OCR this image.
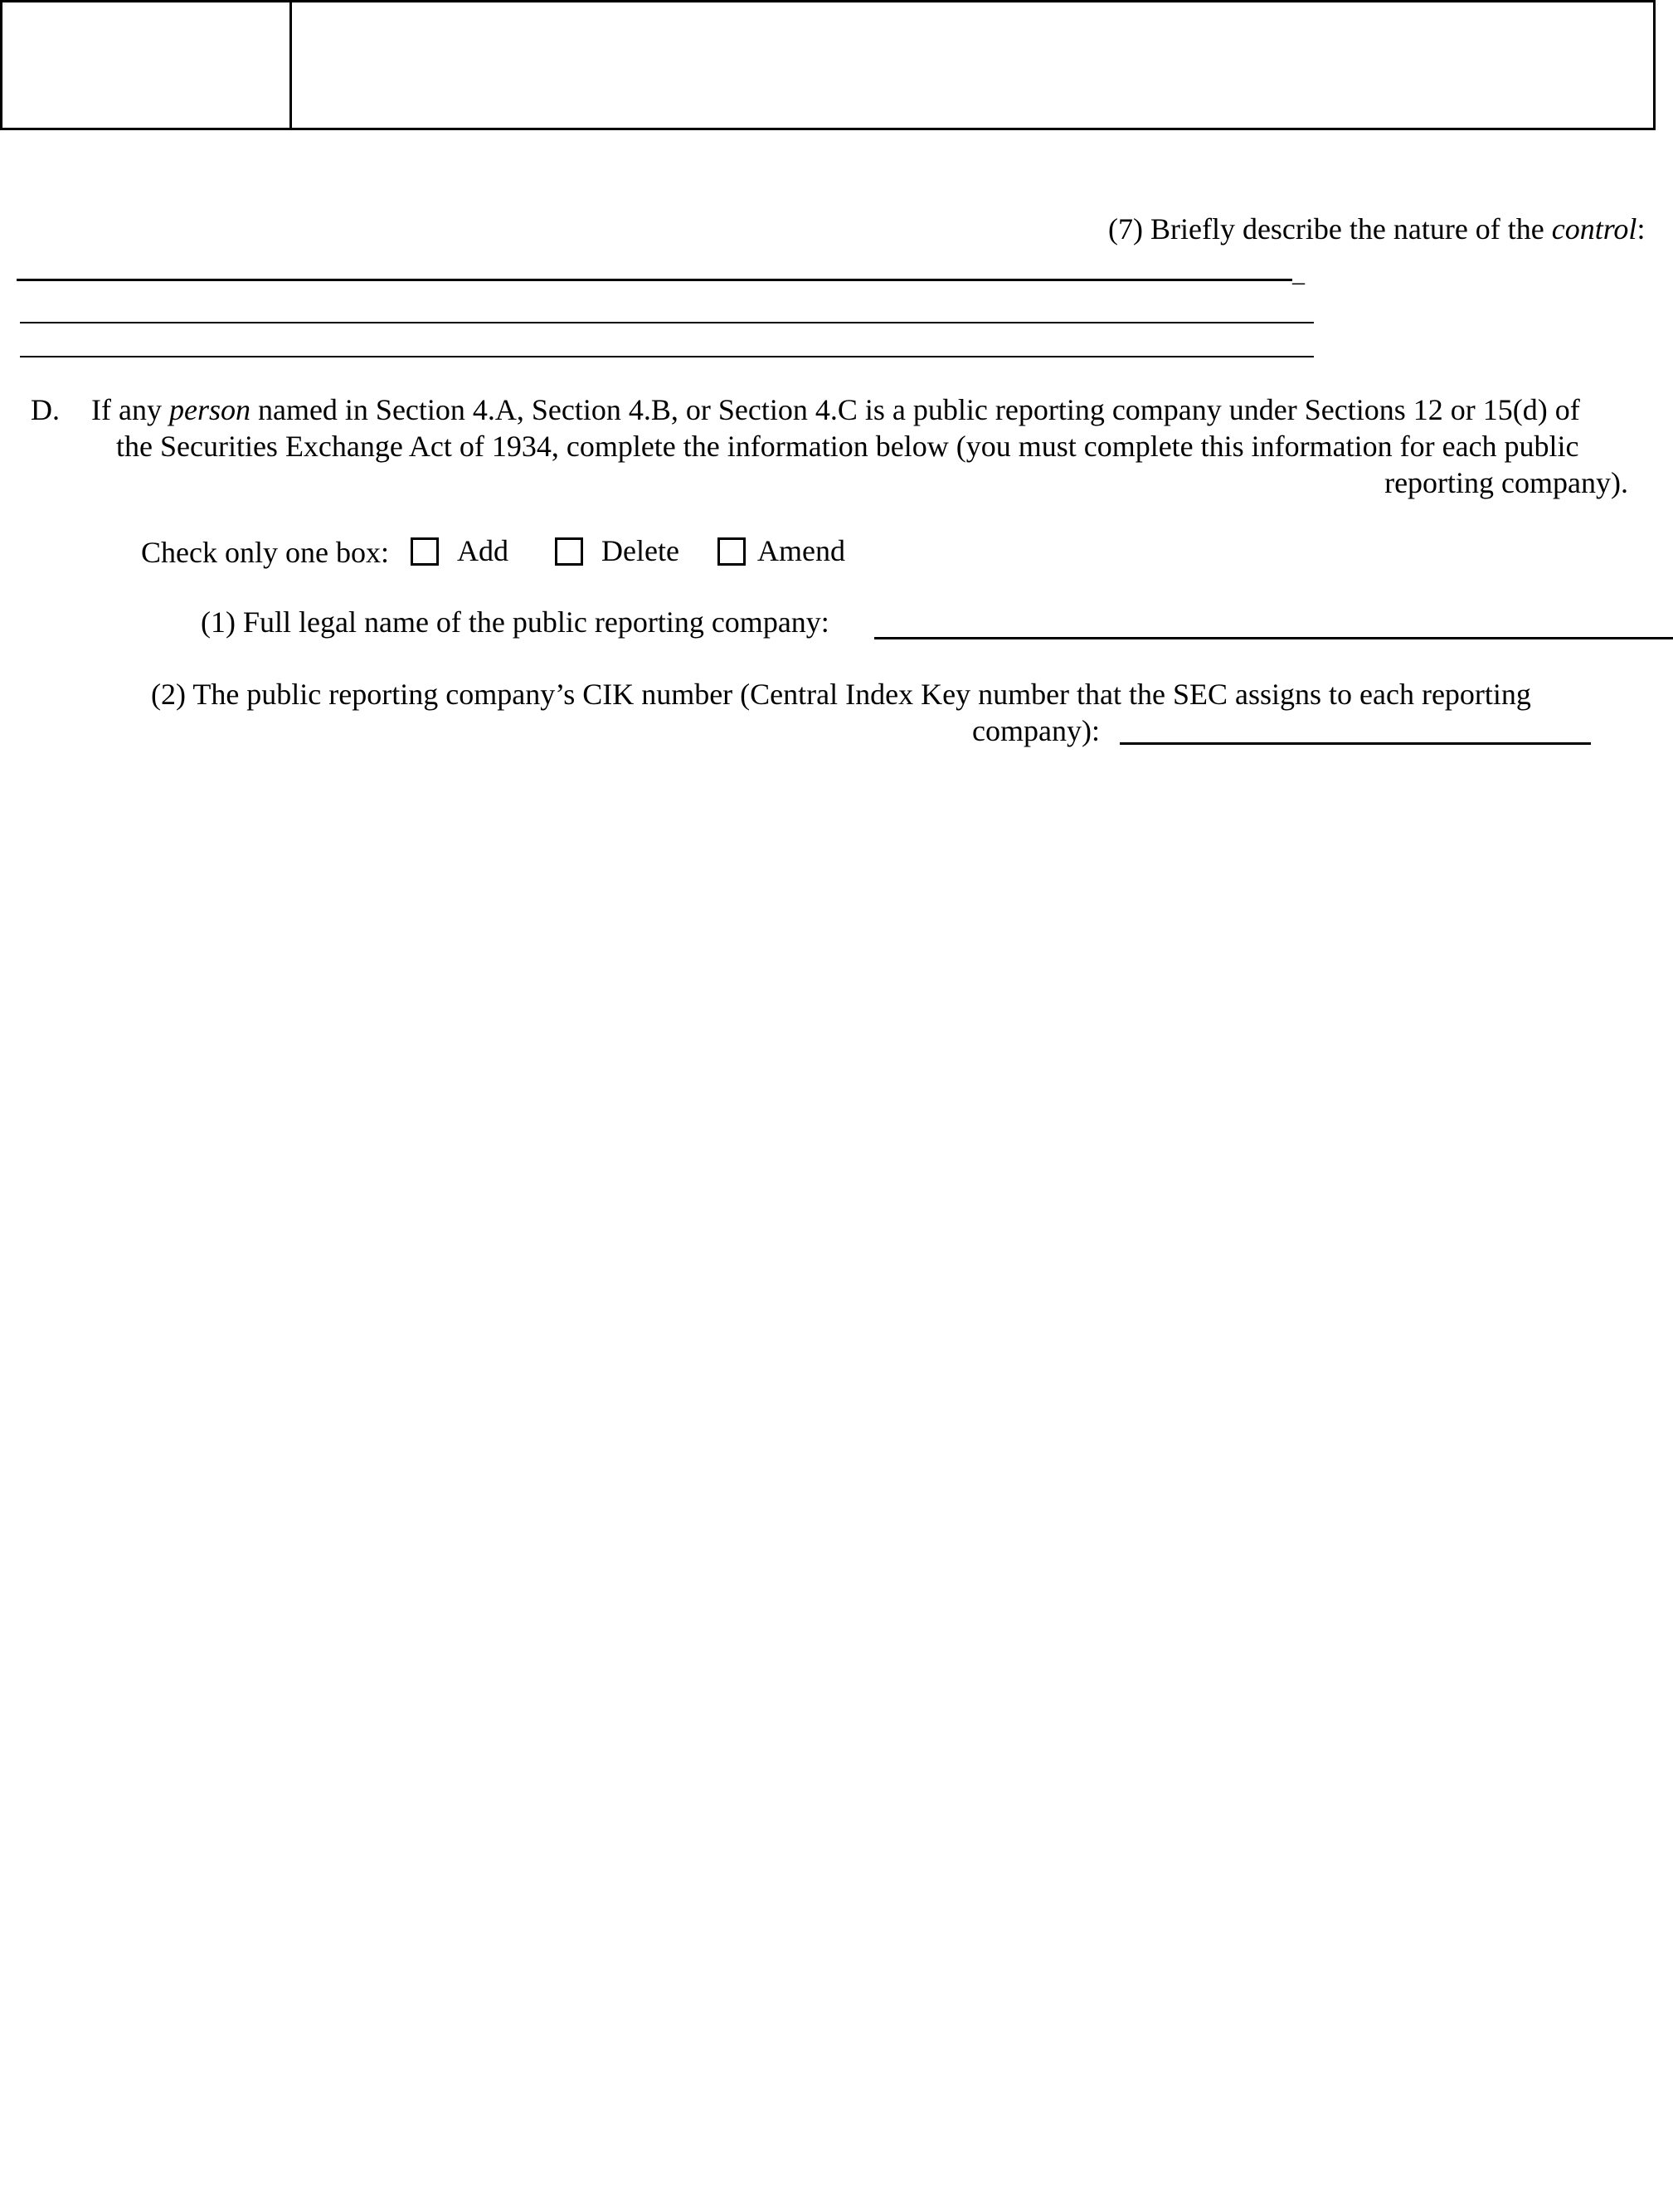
(7) Briefly describe the nature of the control:
_
D. If any person named in Section 4.A, Section 4.B, or Section 4.C is a public reporting company under Sections 12 or 15(d) of
the Securities Exchange Act of 1934, complete the information below (you must complete this information for each public
reporting company).
Check only one box: Add	Delete	Amend
(1) Full legal name of the public reporting company:
(2) The public reporting company’s CIK number (Central Index Key number that the SEC assigns to each reporting
company):
